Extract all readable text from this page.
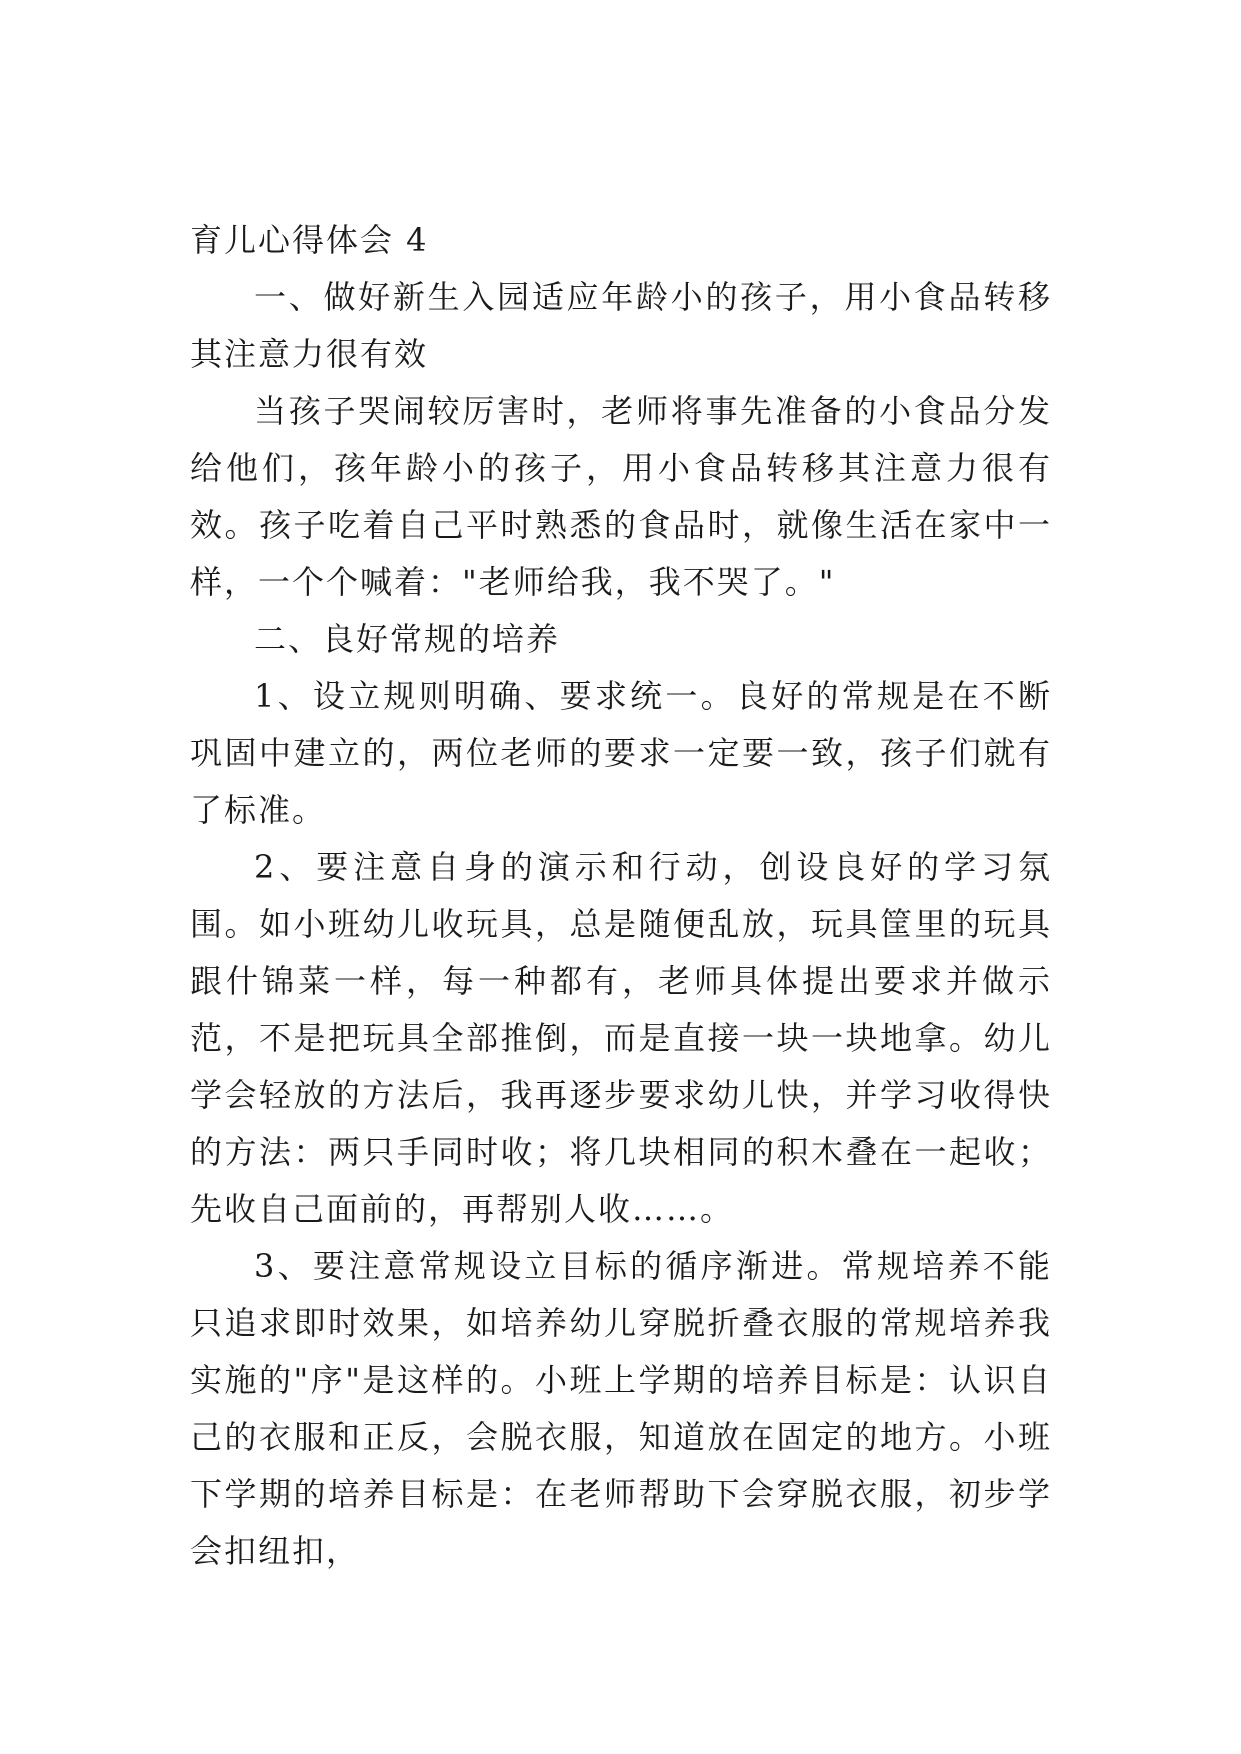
育儿心得体会 4

一、做好新生入园适应年龄小的孩子，用小食品转移其注意力很有效

当孩子哭闹较厉害时，老师将事先准备的小食品分发给他们，孩年龄小的孩子，用小食品转移其注意力很有效。孩子吃着自己平时熟悉的食品时，就像生活在家中一样，一个个喊着："老师给我，我不哭了。"

二、良好常规的培养

1、设立规则明确、要求统一。良好的常规是在不断巩固中建立的，两位老师的要求一定要一致，孩子们就有了标准。

2、要注意自身的演示和行动，创设良好的学习氛围。如小班幼儿收玩具，总是随便乱放，玩具筐里的玩具跟什锦菜一样，每一种都有，老师具体提出要求并做示范，不是把玩具全部推倒，而是直接一块一块地拿。幼儿学会轻放的方法后，我再逐步要求幼儿快，并学习收得快的方法：两只手同时收；将几块相同的积木叠在一起收；先收自己面前的，再帮别人收……。

3、要注意常规设立目标的循序渐进。常规培养不能只追求即时效果，如培养幼儿穿脱折叠衣服的常规培养我实施的"序"是这样的。小班上学期的培养目标是：认识自己的衣服和正反，会脱衣服，知道放在固定的地方。小班下学期的培养目标是：在老师帮助下会穿脱衣服，初步学会扣纽扣，
